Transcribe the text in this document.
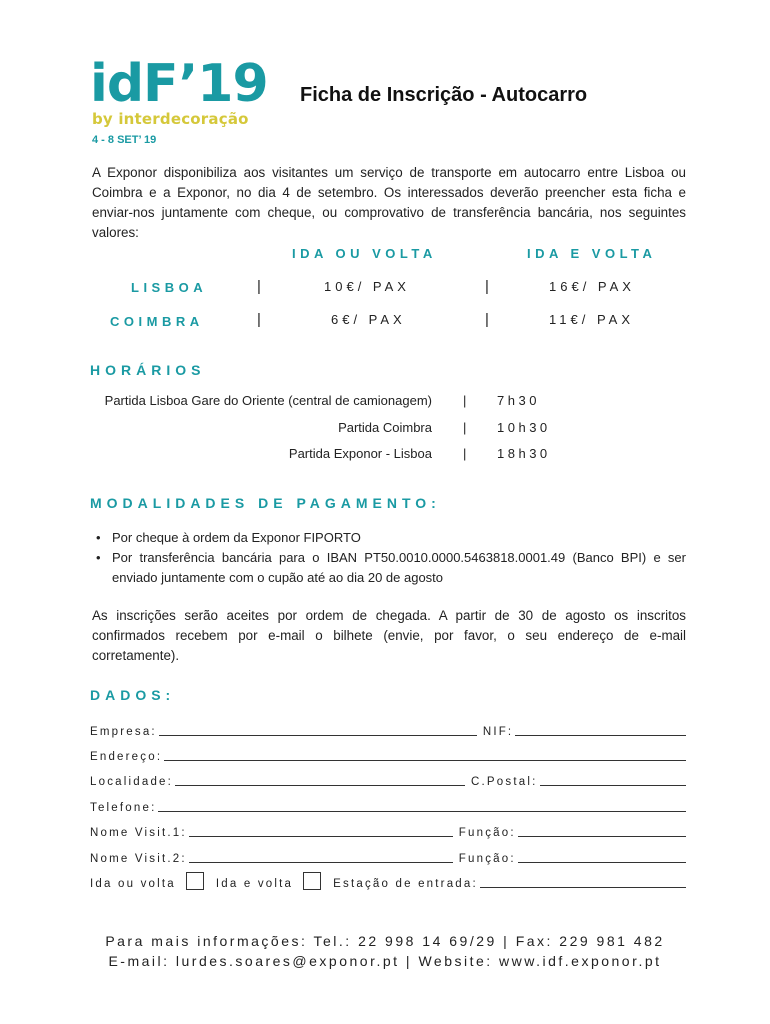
idF’19
by interdecoração
4 - 8 SET’ 19
Ficha de Inscrição - Autocarro
A Exponor disponibiliza aos visitantes um serviço de transporte em autocarro entre Lisboa ou Coimbra e a Exponor, no dia 4 de setembro. Os interessados deverão preencher esta ficha e enviar-nos juntamente com cheque, ou comprovativo de transferência bancária, nos seguintes valores:
IDA OU VOLTA	IDA E VOLTA
LISBOA	|	10€/ PAX	|	16€/ PAX
COIMBRA	|	6€/ PAX	|	11€/ PAX
HORÁRIOS
Partida Lisboa Gare do Oriente (central de camionagem) | 7h30
Partida Coimbra | 10h30
Partida Exponor - Lisboa | 18h30
MODALIDADES DE PAGAMENTO:
• Por cheque à ordem da Exponor FIPORTO
• Por transferência bancária para o IBAN PT50.0010.0000.5463818.0001.49 (Banco BPI) e ser enviado juntamente com o cupão até ao dia 20 de agosto
As inscrições serão aceites por ordem de chegada. A partir de 30 de agosto os inscritos confirmados recebem por e-mail o bilhete (envie, por favor, o seu endereço de e-mail corretamente).
DADOS:
Empresa:	NIF:
Endereço:
Localidade:	C.Postal:
Telefone:
Nome Visit.1:	Função:
Nome Visit.2:	Função:
Ida ou volta	Ida e volta	Estação de entrada:
Para mais informações: Tel.: 22 998 14 69/29 | Fax: 229 981 482
E-mail: lurdes.soares@exponor.pt | Website: www.idf.exponor.pt
